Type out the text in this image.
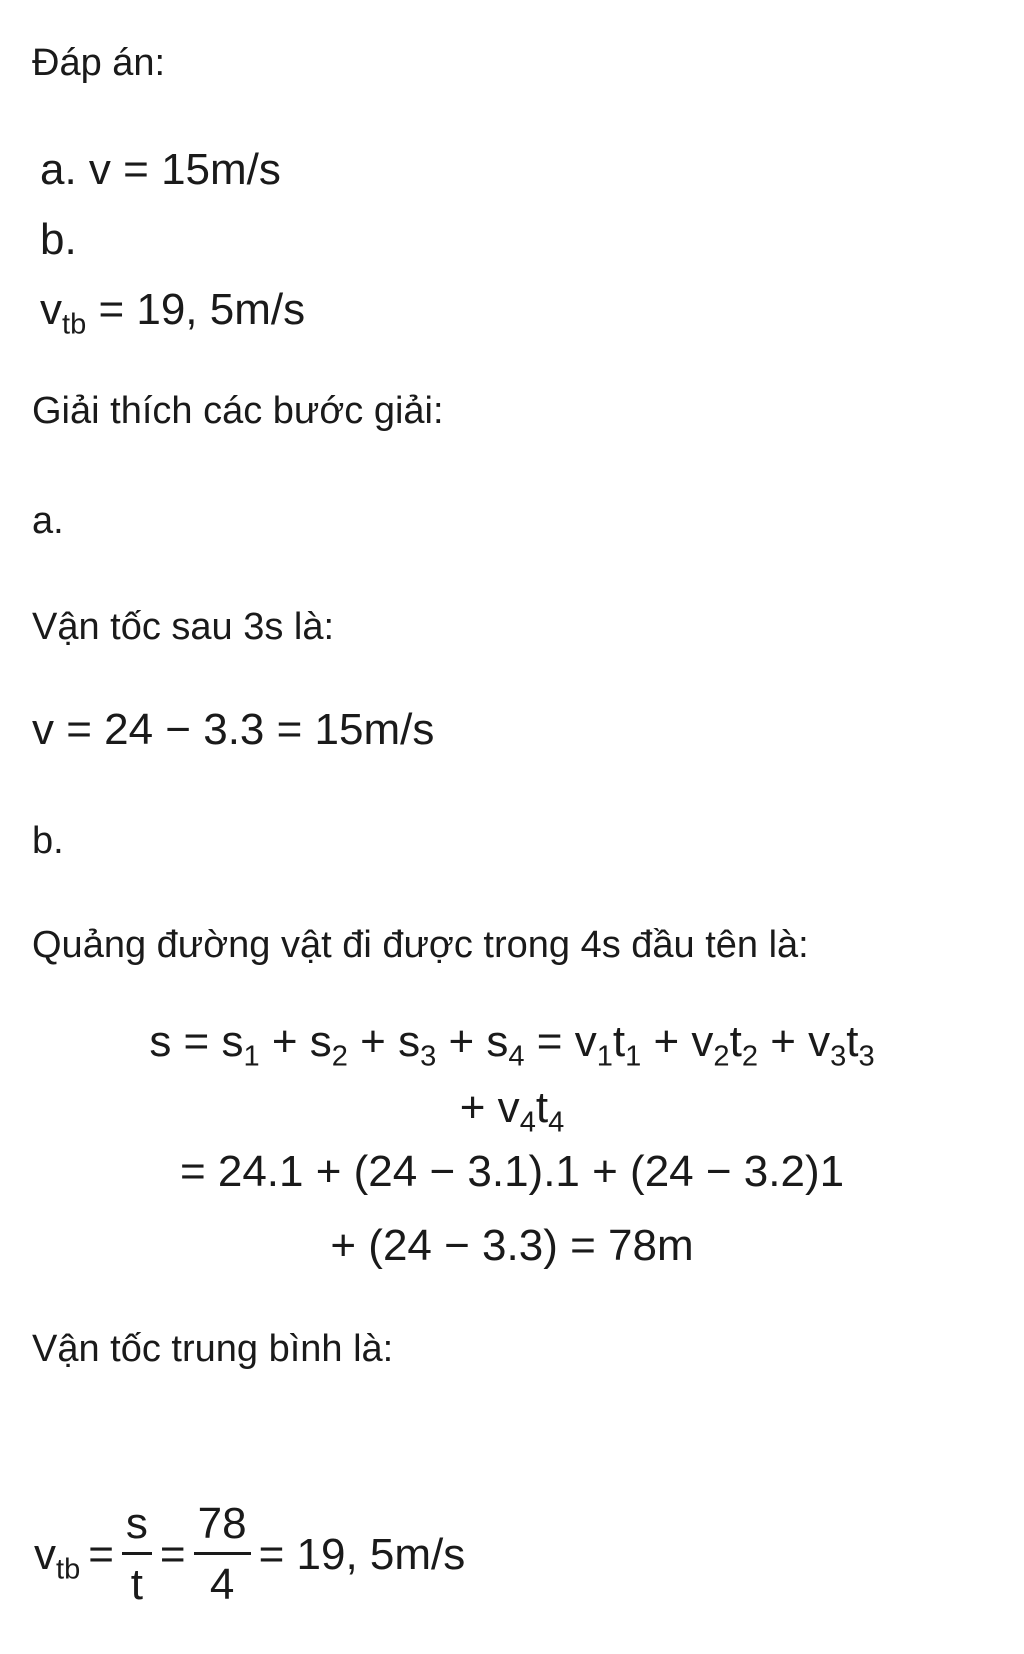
Đáp án:
a. v = 15m/s
b.
$v_{tb} = 19$, 5m/s
Giải thích các bước giải:
a.
Vận tốc sau 3s là:
v = 24 − 3.3 = 15m/s
b.
Quảng đường vật đi được trong 4s đầu tên là:
$s = s_1 + s_2 + s_3 + s_4 = v_1t_1 + v_2t_2 + v_3t_3$
+ $v_4t_4$
= 24.1 + (24 − 3.1).1 + (24 − 3.2)1
+ (24 − 3.3) = 78m
Vận tốc trung bình là:
$v_{tb} = \frac{s}{t} = \frac{78}{4} = 19$, 5m/s
